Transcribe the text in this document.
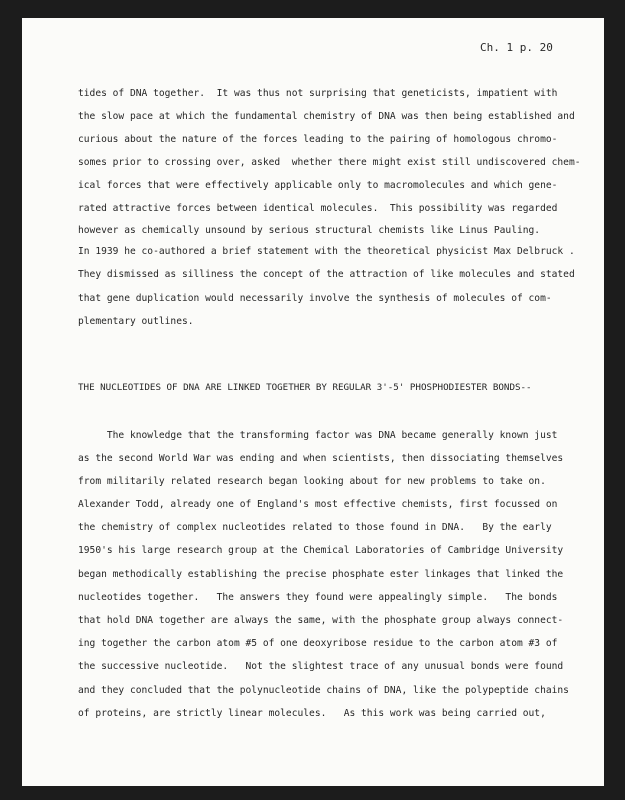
Ch. 1 p. 20
tides of DNA together.  It was thus not surprising that geneticists, impatient with
the slow pace at which the fundamental chemistry of DNA was then being established and
curious about the nature of the forces leading to the pairing of homologous chromo-
somes prior to crossing over, asked  whether there might exist still undiscovered chem-
ical forces that were effectively applicable only to macromolecules and which gene-
rated attractive forces between identical molecules.  This possibility was regarded
however as chemically unsound by serious structural chemists like Linus Pauling.
In 1939 he co-authored a brief statement with the theoretical physicist Max Delbruck .
They dismissed as silliness the concept of the attraction of like molecules and stated
that gene duplication would necessarily involve the synthesis of molecules of com-
plementary outlines.
THE NUCLEOTIDES OF DNA ARE LINKED TOGETHER BY REGULAR 3'-5' PHOSPHODIESTER BONDS--
The knowledge that the transforming factor was DNA became generally known just
as the second World War was ending and when scientists, then dissociating themselves
from militarily related research began looking about for new problems to take on.
Alexander Todd, already one of England's most effective chemists, first focussed on
the chemistry of complex nucleotides related to those found in DNA.   By the early
1950's his large research group at the Chemical Laboratories of Cambridge University
began methodically establishing the precise phosphate ester linkages that linked the
nucleotides together.   The answers they found were appealingly simple.   The bonds
that hold DNA together are always the same, with the phosphate group always connect-
ing together the carbon atom #5 of one deoxyribose residue to the carbon atom #3 of
the successive nucleotide.   Not the slightest trace of any unusual bonds were found
and they concluded that the polynucleotide chains of DNA, like the polypeptide chains
of proteins, are strictly linear molecules.   As this work was being carried out,
